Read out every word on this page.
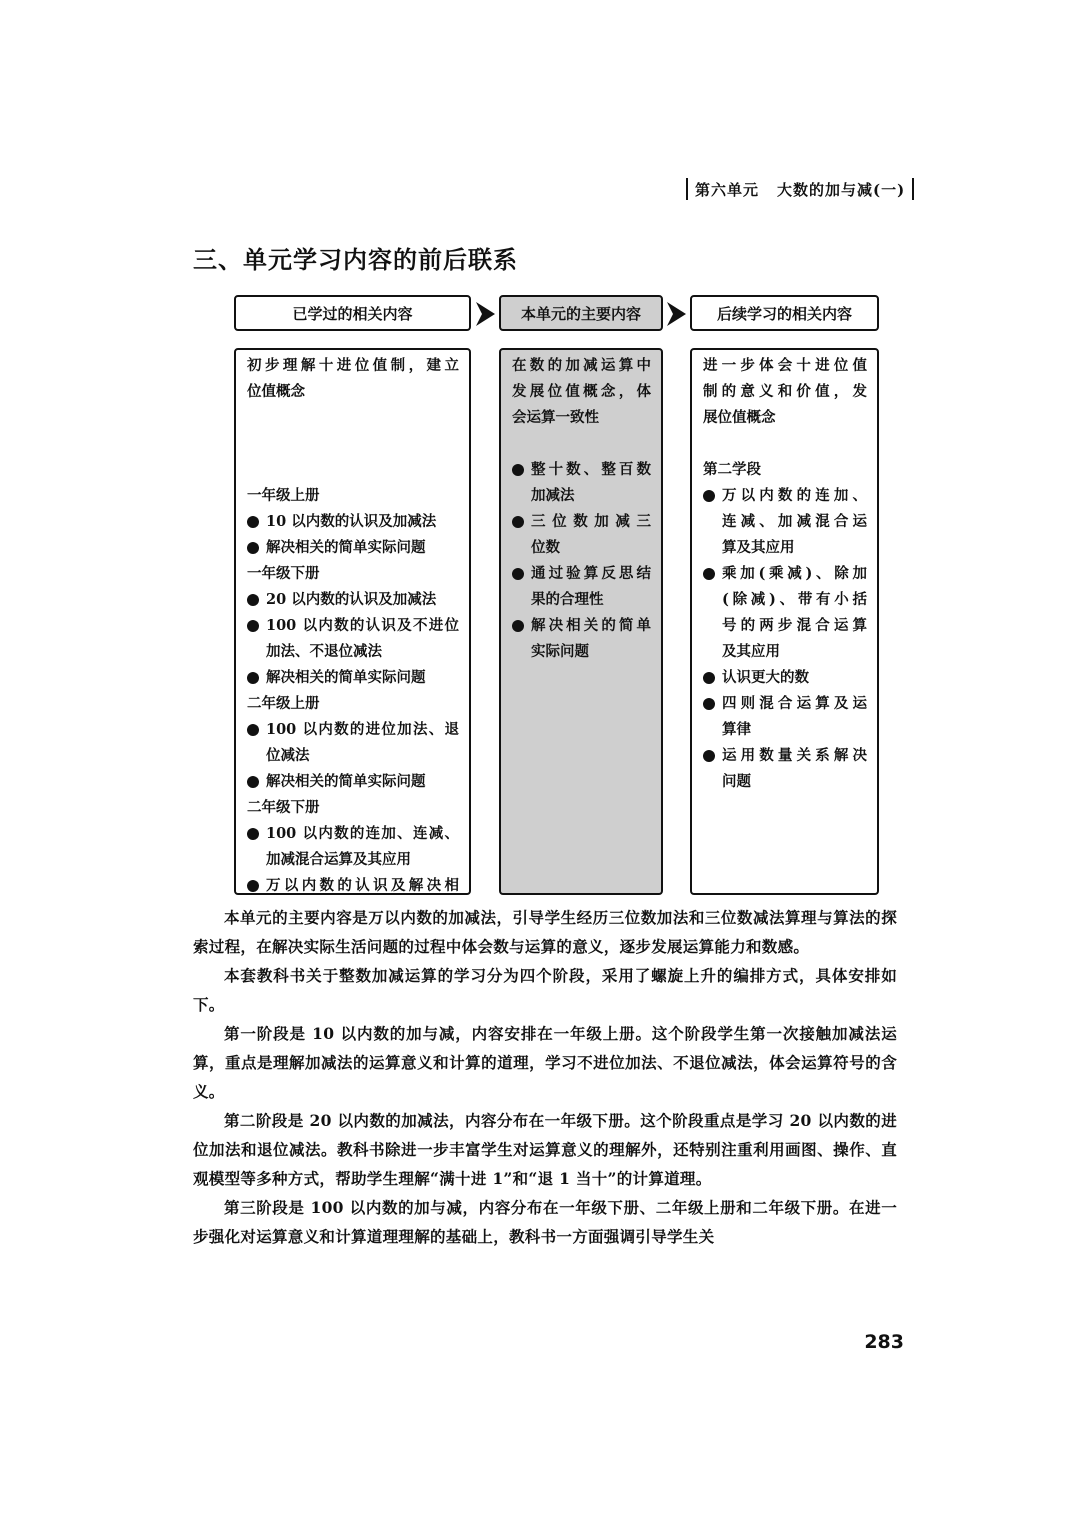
第六单元 大数的加与减(一)
三、单元学习内容的前后联系
已学过的相关内容	本单元的主要内容	后续学习的相关内容

初步理解十进位值制，建立

位值概念

一年级上册

10 以内数的认识及加减法

解决相关的简单实际问题

一年级下册

20 以内数的认识及加减法

100 以内数的认识及不进位

加法、不退位减法

解决相关的简单实际问题

二年级上册

100 以内数的进位加法、退

位减法

解决相关的简单实际问题

二年级下册

100 以内数的连加、连减、

加减混合运算及其应用

万以内数的认识及解决相

在数的加减运算中

发展位值概念，体

会运算一致性

整十数、整百数

加减法

三位数加减三

位数

通过验算反思结

果的合理性

解决相关的简单

实际问题

进一步体会十进位值

制的意义和价值，发

展位值概念

第二学段

万以内数的连加、

连减、加减混合运

算及其应用

乘加(乘减)、除加

(除减)、带有小括

号的两步混合运算

及其应用

认识更大的数

四则混合运算及运

算律

运用数量关系解决

问题

本单元的主要内容是万以内数的加减法，引导学生经历三位数加法和三位数减法算理与算法的探索过程，在解决实际生活问题的过程中体会数与运算的意义，逐步发展运算能力和数感。

本套教科书关于整数加减运算的学习分为四个阶段，采用了螺旋上升的编排方式，具体安排如下。

第一阶段是 10 以内数的加与减，内容安排在一年级上册。这个阶段学生第一次接触加减法运算，重点是理解加减法的运算意义和计算的道理，学习不进位加法、不退位减法，体会运算符号的含义。

第二阶段是 20 以内数的加减法，内容分布在一年级下册。这个阶段重点是学习 20 以内数的进位加法和退位减法。教科书除进一步丰富学生对运算意义的理解外，还特别注重利用画图、操作、直观模型等多种方式，帮助学生理解“满十进 1”和“退 1 当十”的计算道理。

第三阶段是 100 以内数的加与减，内容分布在一年级下册、二年级上册和二年级下册。在进一步强化对运算意义和计算道理理解的基础上，教科书一方面强调引导学生关

283
